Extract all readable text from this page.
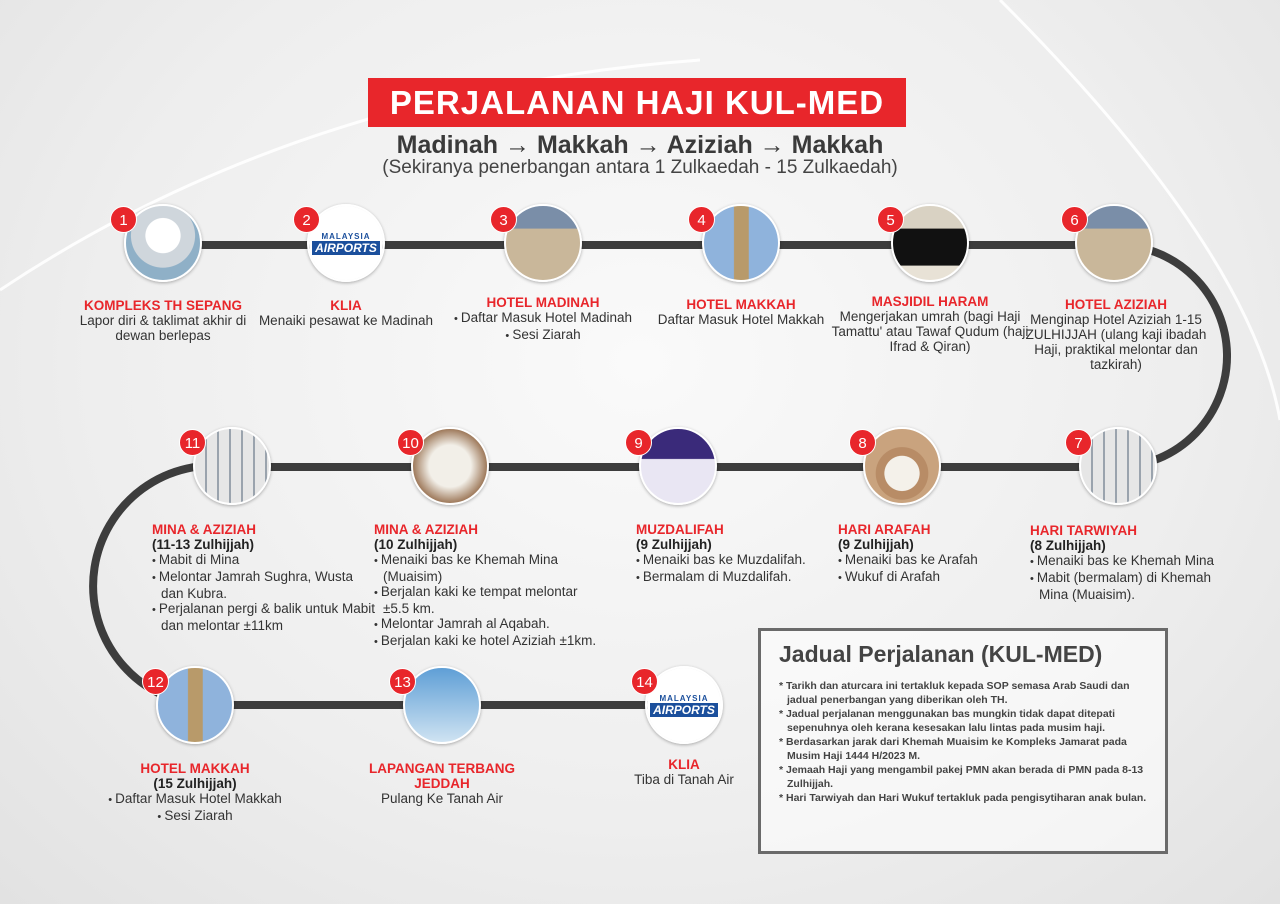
PERJALANAN HAJI KUL-MED
Madinah → Makkah → Aziziah → Makkah
(Sekiranya penerbangan antara 1 Zulkaedah - 15 Zulkaedah)
1
KOMPLEKS TH SEPANG
Lapor diri & taklimat akhir di dewan berlepas
MALAYSIA
AIRPORTS
2
KLIA
Menaiki pesawat ke Madinah
3
HOTEL MADINAH
• Daftar Masuk Hotel Madinah
• Sesi Ziarah
4
HOTEL MAKKAH
Daftar Masuk Hotel Makkah
5
MASJIDIL HARAM
Mengerjakan umrah (bagi Haji Tamattu' atau Tawaf Qudum (haji Ifrad & Qiran)
6
HOTEL AZIZIAH
Menginap Hotel Aziziah 1-15 ZULHIJJAH (ulang kaji ibadah Haji, praktikal melontar dan tazkirah)
7
HARI TARWIYAH
(8 Zulhijjah)
• Menaiki bas ke Khemah Mina
• Mabit (bermalam) di Khemah Mina (Muaisim).
8
HARI ARAFAH
(9 Zulhijjah)
• Menaiki bas ke Arafah
• Wukuf di Arafah
9
MUZDALIFAH
(9 Zulhijjah)
• Menaiki bas ke Muzdalifah.
• Bermalam di Muzdalifah.
10
MINA & AZIZIAH
(10 Zulhijjah)
• Menaiki bas ke Khemah Mina (Muaisim)
• Berjalan kaki ke tempat melontar ±5.5 km.
• Melontar Jamrah al Aqabah.
• Berjalan kaki ke hotel Aziziah ±1km.
11
MINA & AZIZIAH
(11-13 Zulhijjah)
• Mabit di Mina
• Melontar Jamrah Sughra, Wusta dan Kubra.
• Perjalanan pergi & balik untuk Mabit dan melontar ±11km
12
HOTEL MAKKAH
(15 Zulhijjah)
• Daftar Masuk Hotel Makkah
• Sesi Ziarah
13
LAPANGAN TERBANG JEDDAH
Pulang Ke Tanah Air
MALAYSIA
AIRPORTS
14
KLIA
Tiba di Tanah Air
Jadual Perjalanan (KUL-MED)

* Tarikh dan aturcara ini tertakluk kepada SOP semasa Arab Saudi dan jadual penerbangan yang diberikan oleh TH.

* Jadual perjalanan menggunakan bas mungkin tidak dapat ditepati sepenuhnya oleh kerana kesesakan lalu lintas pada musim haji.

* Berdasarkan jarak dari Khemah Muaisim ke Kompleks Jamarat pada Musim Haji 1444 H/2023 M.

* Jemaah Haji yang mengambil pakej PMN akan berada di PMN pada 8-13 Zulhijjah.

* Hari Tarwiyah dan Hari Wukuf tertakluk pada pengisytiharan anak bulan.
